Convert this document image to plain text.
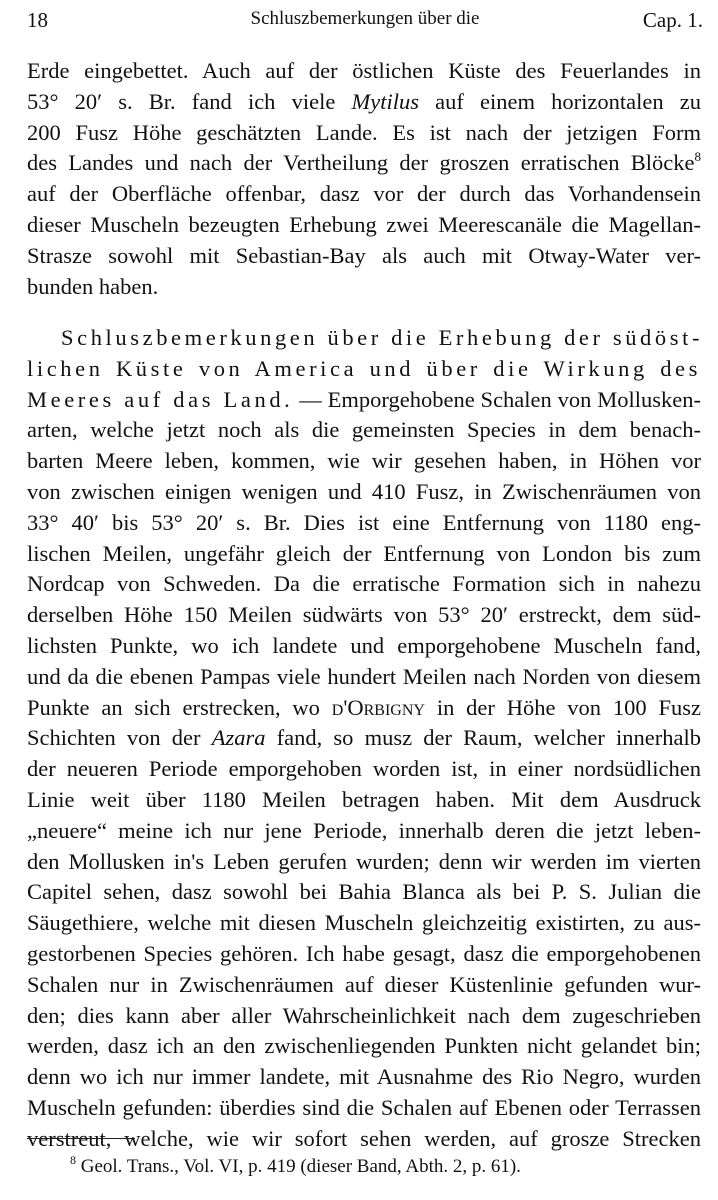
18	Schluszbemerkungen über die	Cap. 1.
Erde eingebettet. Auch auf der östlichen Küste des Feuerlandes in
53° 20′ s. Br. fand ich viele Mytilus auf einem horizontalen zu
200 Fusz Höhe geschätzten Lande. Es ist nach der jetzigen Form
des Landes und nach der Vertheilung der groszen erratischen Blöcke$^8$
auf der Oberfläche offenbar, dasz vor der durch das Vorhandensein
dieser Muscheln bezeugten Erhebung zwei Meerescanäle die Magellan-
Strasze sowohl mit Sebastian-Bay als auch mit Otway-Water ver-
bunden haben.
Schluszbemerkungen über die Erhebung der südöst-
lichen Küste von America und über die Wirkung des
Meeres auf das Land. — Emporgehobene Schalen von Mollusken-
arten, welche jetzt noch als die gemeinsten Species in dem benach-
barten Meere leben, kommen, wie wir gesehen haben, in Höhen vor
von zwischen einigen wenigen und 410 Fusz, in Zwischenräumen von
33° 40′ bis 53° 20′ s. Br. Dies ist eine Entfernung von 1180 eng-
lischen Meilen, ungefähr gleich der Entfernung von London bis zum
Nordcap von Schweden. Da die erratische Formation sich in nahezu
derselben Höhe 150 Meilen südwärts von 53° 20′ erstreckt, dem süd-
lichsten Punkte, wo ich landete und emporgehobene Muscheln fand,
und da die ebenen Pampas viele hundert Meilen nach Norden von diesem
Punkte an sich erstrecken, wo d'Orbigny in der Höhe von 100 Fusz
Schichten von der Azara fand, so musz der Raum, welcher innerhalb
der neueren Periode emporgehoben worden ist, in einer nordsüdlichen
Linie weit über 1180 Meilen betragen haben. Mit dem Ausdruck
„neuere“ meine ich nur jene Periode, innerhalb deren die jetzt leben-
den Mollusken in's Leben gerufen wurden; denn wir werden im vierten
Capitel sehen, dasz sowohl bei Bahia Blanca als bei P. S. Julian die
Säugethiere, welche mit diesen Muscheln gleichzeitig existirten, zu aus-
gestorbenen Species gehören. Ich habe gesagt, dasz die emporgehobenen
Schalen nur in Zwischenräumen auf dieser Küstenlinie gefunden wur-
den; dies kann aber aller Wahrscheinlichkeit nach dem zugeschrieben
werden, dasz ich an den zwischenliegenden Punkten nicht gelandet bin;
denn wo ich nur immer landete, mit Ausnahme des Rio Negro, wurden
Muscheln gefunden: überdies sind die Schalen auf Ebenen oder Terrassen
verstreut, welche, wie wir sofort sehen werden, auf grosze Strecken
$^8$ Geol. Trans., Vol. VI, p. 419 (dieser Band, Abth. 2, p. 61).
